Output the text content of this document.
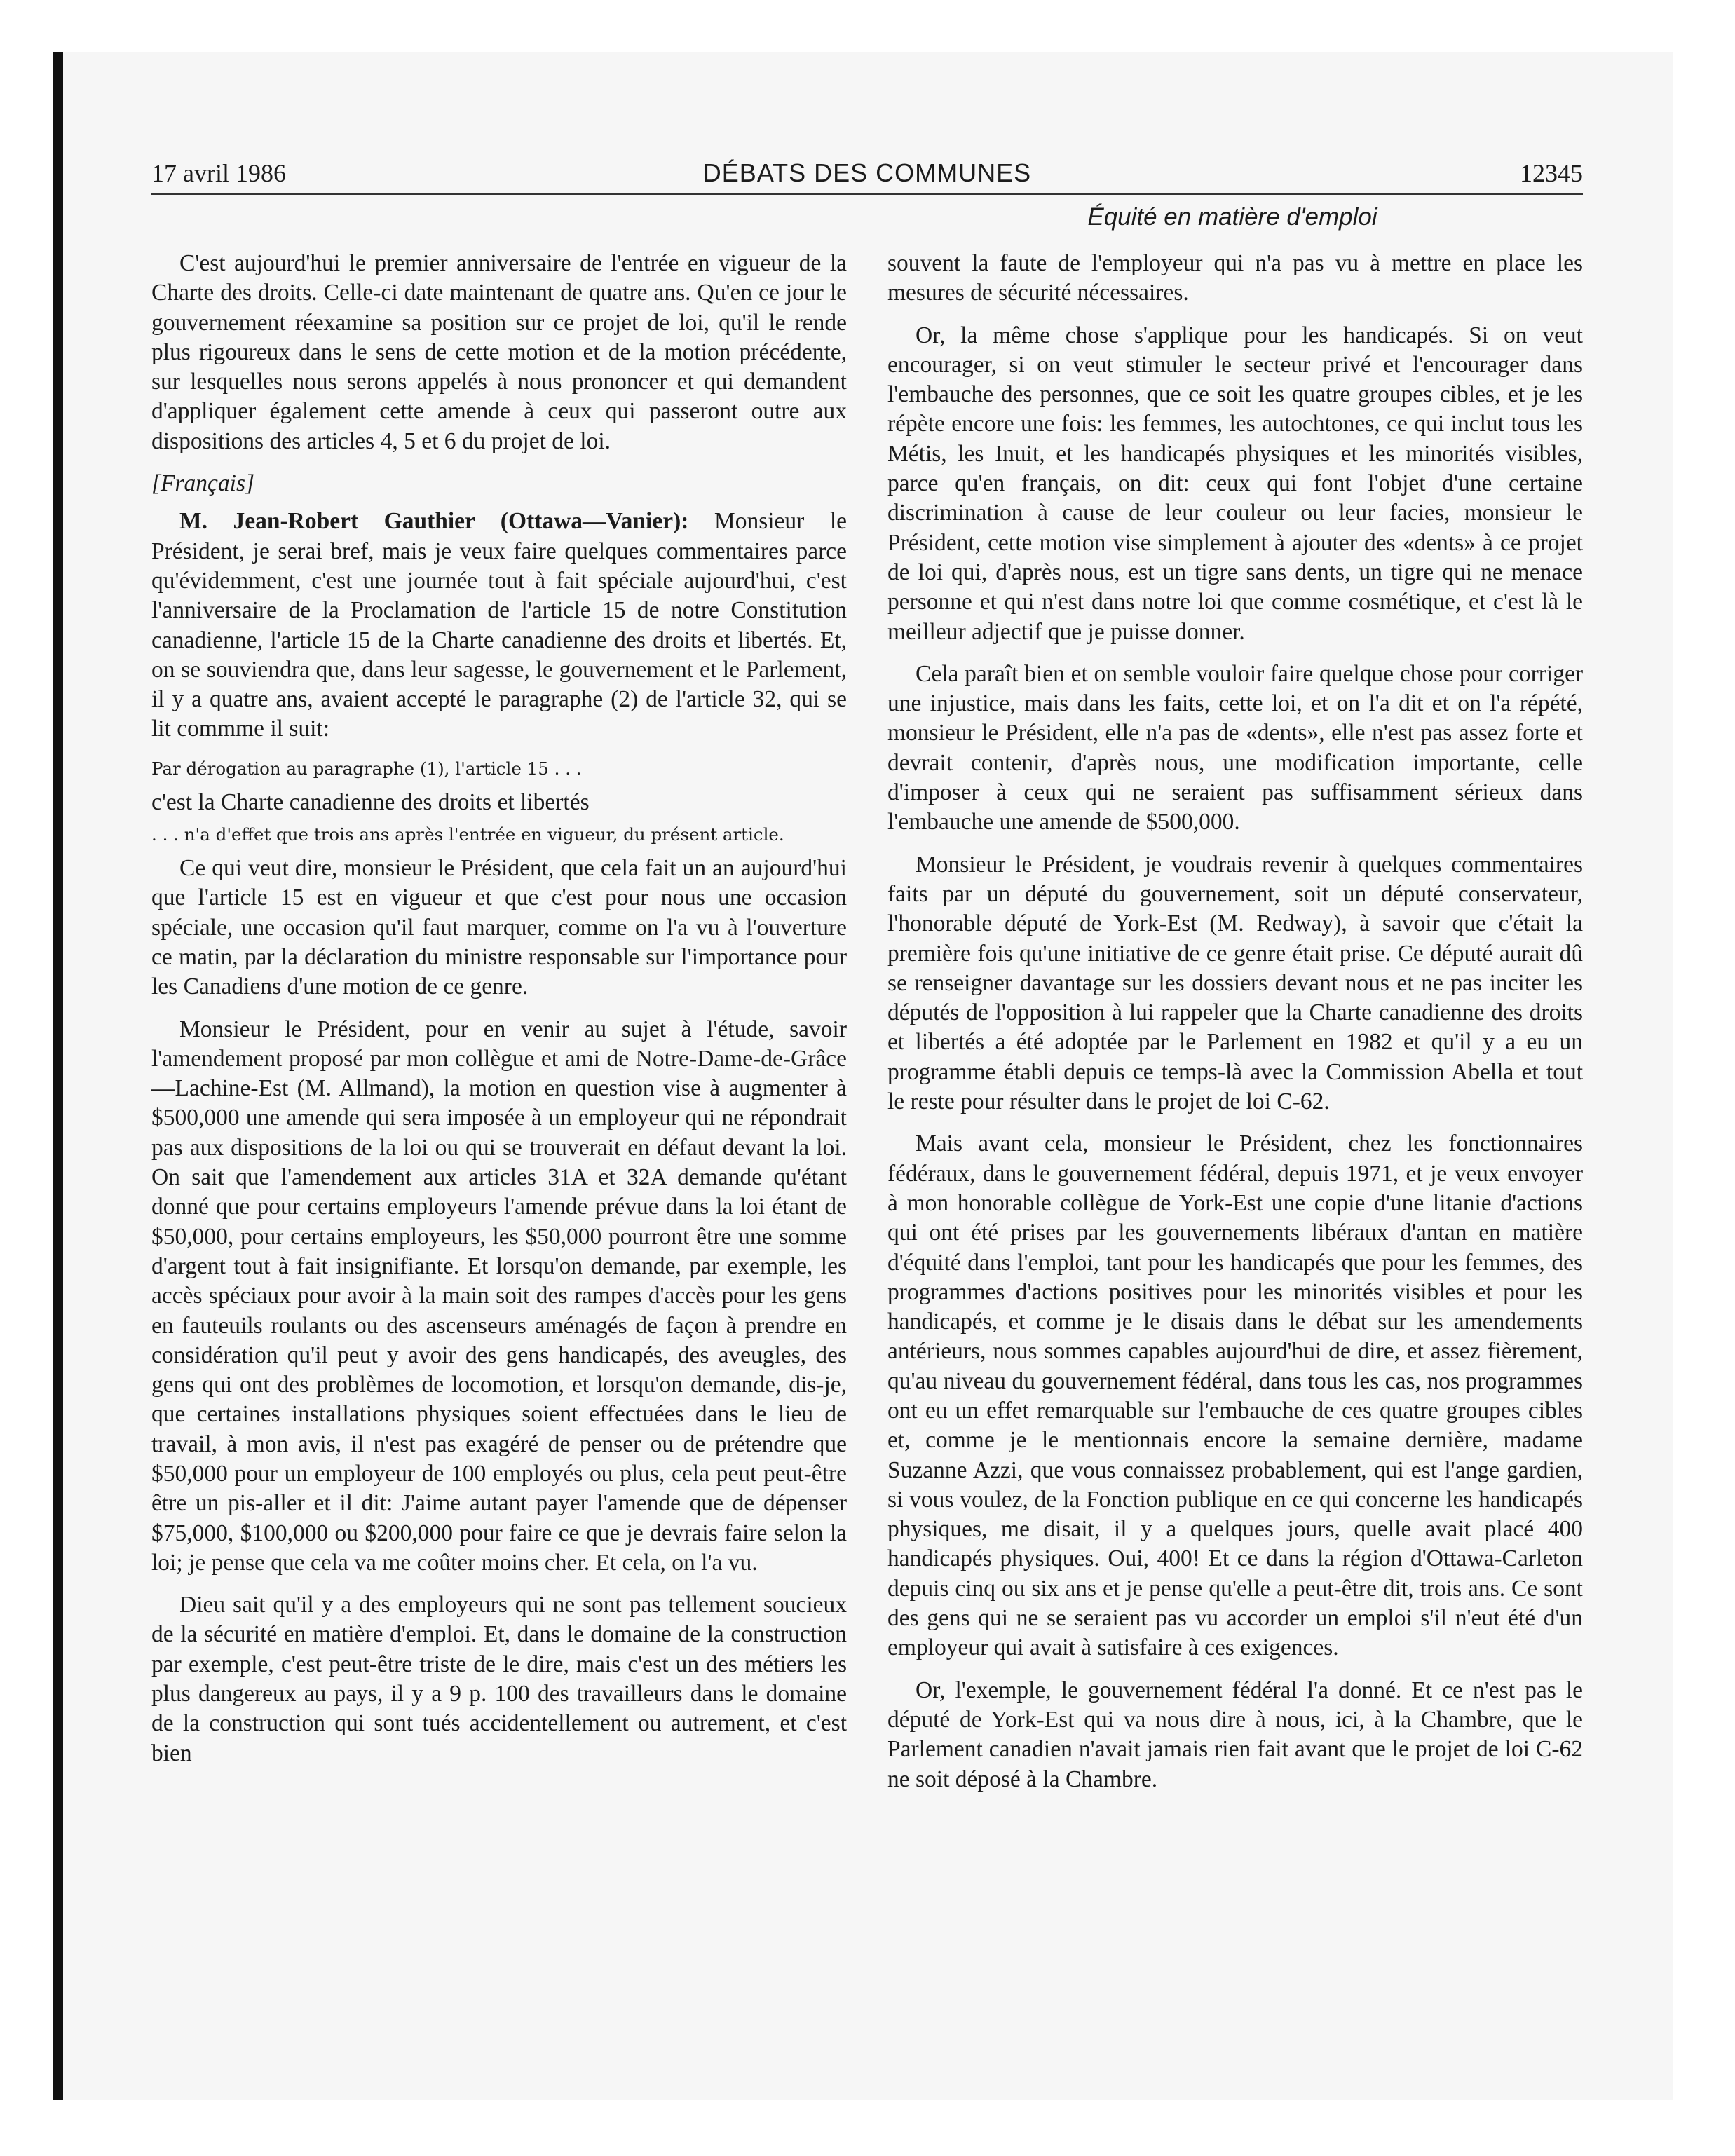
17 avril 1986	DÉBATS DES COMMUNES	12345
Équité en matière d'emploi

C'est aujourd'hui le premier anniversaire de l'entrée en vigueur de la Charte des droits. Celle-ci date maintenant de quatre ans. Qu'en ce jour le gouvernement réexamine sa position sur ce projet de loi, qu'il le rende plus rigoureux dans le sens de cette motion et de la motion précédente, sur lesquelles nous serons appelés à nous prononcer et qui demandent d'appliquer également cette amende à ceux qui passeront outre aux dispositions des articles 4, 5 et 6 du projet de loi.

[Français]

M. Jean-Robert Gauthier (Ottawa—Vanier): Monsieur le Président, je serai bref, mais je veux faire quelques commentaires parce qu'évidemment, c'est une journée tout à fait spéciale aujourd'hui, c'est l'anniversaire de la Proclamation de l'article 15 de notre Constitution canadienne, l'article 15 de la Charte canadienne des droits et libertés. Et, on se souviendra que, dans leur sagesse, le gouvernement et le Parlement, il y a quatre ans, avaient accepté le paragraphe (2) de l'article 32, qui se lit commme il suit:

Par dérogation au paragraphe (1), l'article 15 . . .

c'est la Charte canadienne des droits et libertés

. . . n'a d'effet que trois ans après l'entrée en vigueur, du présent article.

Ce qui veut dire, monsieur le Président, que cela fait un an aujourd'hui que l'article 15 est en vigueur et que c'est pour nous une occasion spéciale, une occasion qu'il faut marquer, comme on l'a vu à l'ouverture ce matin, par la déclaration du ministre responsable sur l'importance pour les Canadiens d'une motion de ce genre.

Monsieur le Président, pour en venir au sujet à l'étude, savoir l'amendement proposé par mon collègue et ami de Notre-Dame-de-Grâce—Lachine-Est (M. Allmand), la motion en question vise à augmenter à $500,000 une amende qui sera imposée à un employeur qui ne répondrait pas aux dispositions de la loi ou qui se trouverait en défaut devant la loi. On sait que l'amendement aux articles 31A et 32A demande qu'étant donné que pour certains employeurs l'amende prévue dans la loi étant de $50,000, pour certains employeurs, les $50,000 pourront être une somme d'argent tout à fait insignifiante. Et lorsqu'on demande, par exemple, les accès spéciaux pour avoir à la main soit des rampes d'accès pour les gens en fauteuils roulants ou des ascenseurs aménagés de façon à prendre en considération qu'il peut y avoir des gens handicapés, des aveugles, des gens qui ont des problèmes de locomotion, et lorsqu'on demande, dis-je, que certaines installations physiques soient effectuées dans le lieu de travail, à mon avis, il n'est pas exagéré de penser ou de prétendre que $50,000 pour un employeur de 100 employés ou plus, cela peut peut-être être un pis-aller et il dit: J'aime autant payer l'amende que de dépenser $75,000, $100,000 ou $200,000 pour faire ce que je devrais faire selon la loi; je pense que cela va me coûter moins cher. Et cela, on l'a vu.

Dieu sait qu'il y a des employeurs qui ne sont pas tellement soucieux de la sécurité en matière d'emploi. Et, dans le domaine de la construction par exemple, c'est peut-être triste de le dire, mais c'est un des métiers les plus dangereux au pays, il y a 9 p. 100 des travailleurs dans le domaine de la construction qui sont tués accidentellement ou autrement, et c'est bien

souvent la faute de l'employeur qui n'a pas vu à mettre en place les mesures de sécurité nécessaires.

Or, la même chose s'applique pour les handicapés. Si on veut encourager, si on veut stimuler le secteur privé et l'encourager dans l'embauche des personnes, que ce soit les quatre groupes cibles, et je les répète encore une fois: les femmes, les autochtones, ce qui inclut tous les Métis, les Inuit, et les handicapés physiques et les minorités visibles, parce qu'en français, on dit: ceux qui font l'objet d'une certaine discrimination à cause de leur couleur ou leur facies, monsieur le Président, cette motion vise simplement à ajouter des «dents» à ce projet de loi qui, d'après nous, est un tigre sans dents, un tigre qui ne menace personne et qui n'est dans notre loi que comme cosmétique, et c'est là le meilleur adjectif que je puisse donner.

Cela paraît bien et on semble vouloir faire quelque chose pour corriger une injustice, mais dans les faits, cette loi, et on l'a dit et on l'a répété, monsieur le Président, elle n'a pas de «dents», elle n'est pas assez forte et devrait contenir, d'après nous, une modification importante, celle d'imposer à ceux qui ne seraient pas suffisamment sérieux dans l'embauche une amende de $500,000.

Monsieur le Président, je voudrais revenir à quelques commentaires faits par un député du gouvernement, soit un député conservateur, l'honorable député de York-Est (M. Redway), à savoir que c'était la première fois qu'une initiative de ce genre était prise. Ce député aurait dû se renseigner davantage sur les dossiers devant nous et ne pas inciter les députés de l'opposition à lui rappeler que la Charte canadienne des droits et libertés a été adoptée par le Parlement en 1982 et qu'il y a eu un programme établi depuis ce temps-là avec la Commission Abella et tout le reste pour résulter dans le projet de loi C-62.

Mais avant cela, monsieur le Président, chez les fonctionnaires fédéraux, dans le gouvernement fédéral, depuis 1971, et je veux envoyer à mon honorable collègue de York-Est une copie d'une litanie d'actions qui ont été prises par les gouvernements libéraux d'antan en matière d'équité dans l'emploi, tant pour les handicapés que pour les femmes, des programmes d'actions positives pour les minorités visibles et pour les handicapés, et comme je le disais dans le débat sur les amendements antérieurs, nous sommes capables aujourd'hui de dire, et assez fièrement, qu'au niveau du gouvernement fédéral, dans tous les cas, nos programmes ont eu un effet remarquable sur l'embauche de ces quatre groupes cibles et, comme je le mentionnais encore la semaine dernière, madame Suzanne Azzi, que vous connaissez probablement, qui est l'ange gardien, si vous voulez, de la Fonction publique en ce qui concerne les handicapés physiques, me disait, il y a quelques jours, quelle avait placé 400 handicapés physiques. Oui, 400! Et ce dans la région d'Ottawa-Carleton depuis cinq ou six ans et je pense qu'elle a peut-être dit, trois ans. Ce sont des gens qui ne se seraient pas vu accorder un emploi s'il n'eut été d'un employeur qui avait à satisfaire à ces exigences.

Or, l'exemple, le gouvernement fédéral l'a donné. Et ce n'est pas le député de York-Est qui va nous dire à nous, ici, à la Chambre, que le Parlement canadien n'avait jamais rien fait avant que le projet de loi C-62 ne soit déposé à la Chambre.
